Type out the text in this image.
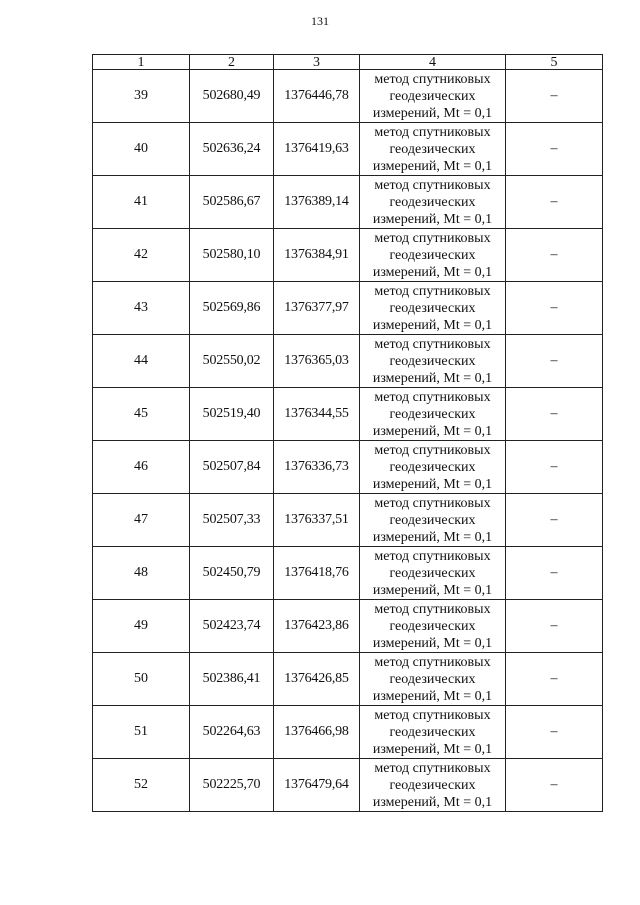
131
1	2	3	4	5
39	502680,49	1376446,78	метод спутниковых
геодезических
измерений, Mt = 0,1	–
40	502636,24	1376419,63	метод спутниковых
геодезических
измерений, Mt = 0,1	–
41	502586,67	1376389,14	метод спутниковых
геодезических
измерений, Mt = 0,1	–
42	502580,10	1376384,91	метод спутниковых
геодезических
измерений, Mt = 0,1	–
43	502569,86	1376377,97	метод спутниковых
геодезических
измерений, Mt = 0,1	–
44	502550,02	1376365,03	метод спутниковых
геодезических
измерений, Mt = 0,1	–
45	502519,40	1376344,55	метод спутниковых
геодезических
измерений, Mt = 0,1	–
46	502507,84	1376336,73	метод спутниковых
геодезических
измерений, Mt = 0,1	–
47	502507,33	1376337,51	метод спутниковых
геодезических
измерений, Mt = 0,1	–
48	502450,79	1376418,76	метод спутниковых
геодезических
измерений, Mt = 0,1	–
49	502423,74	1376423,86	метод спутниковых
геодезических
измерений, Mt = 0,1	–
50	502386,41	1376426,85	метод спутниковых
геодезических
измерений, Mt = 0,1	–
51	502264,63	1376466,98	метод спутниковых
геодезических
измерений, Mt = 0,1	–
52	502225,70	1376479,64	метод спутниковых
геодезических
измерений, Mt = 0,1	–
